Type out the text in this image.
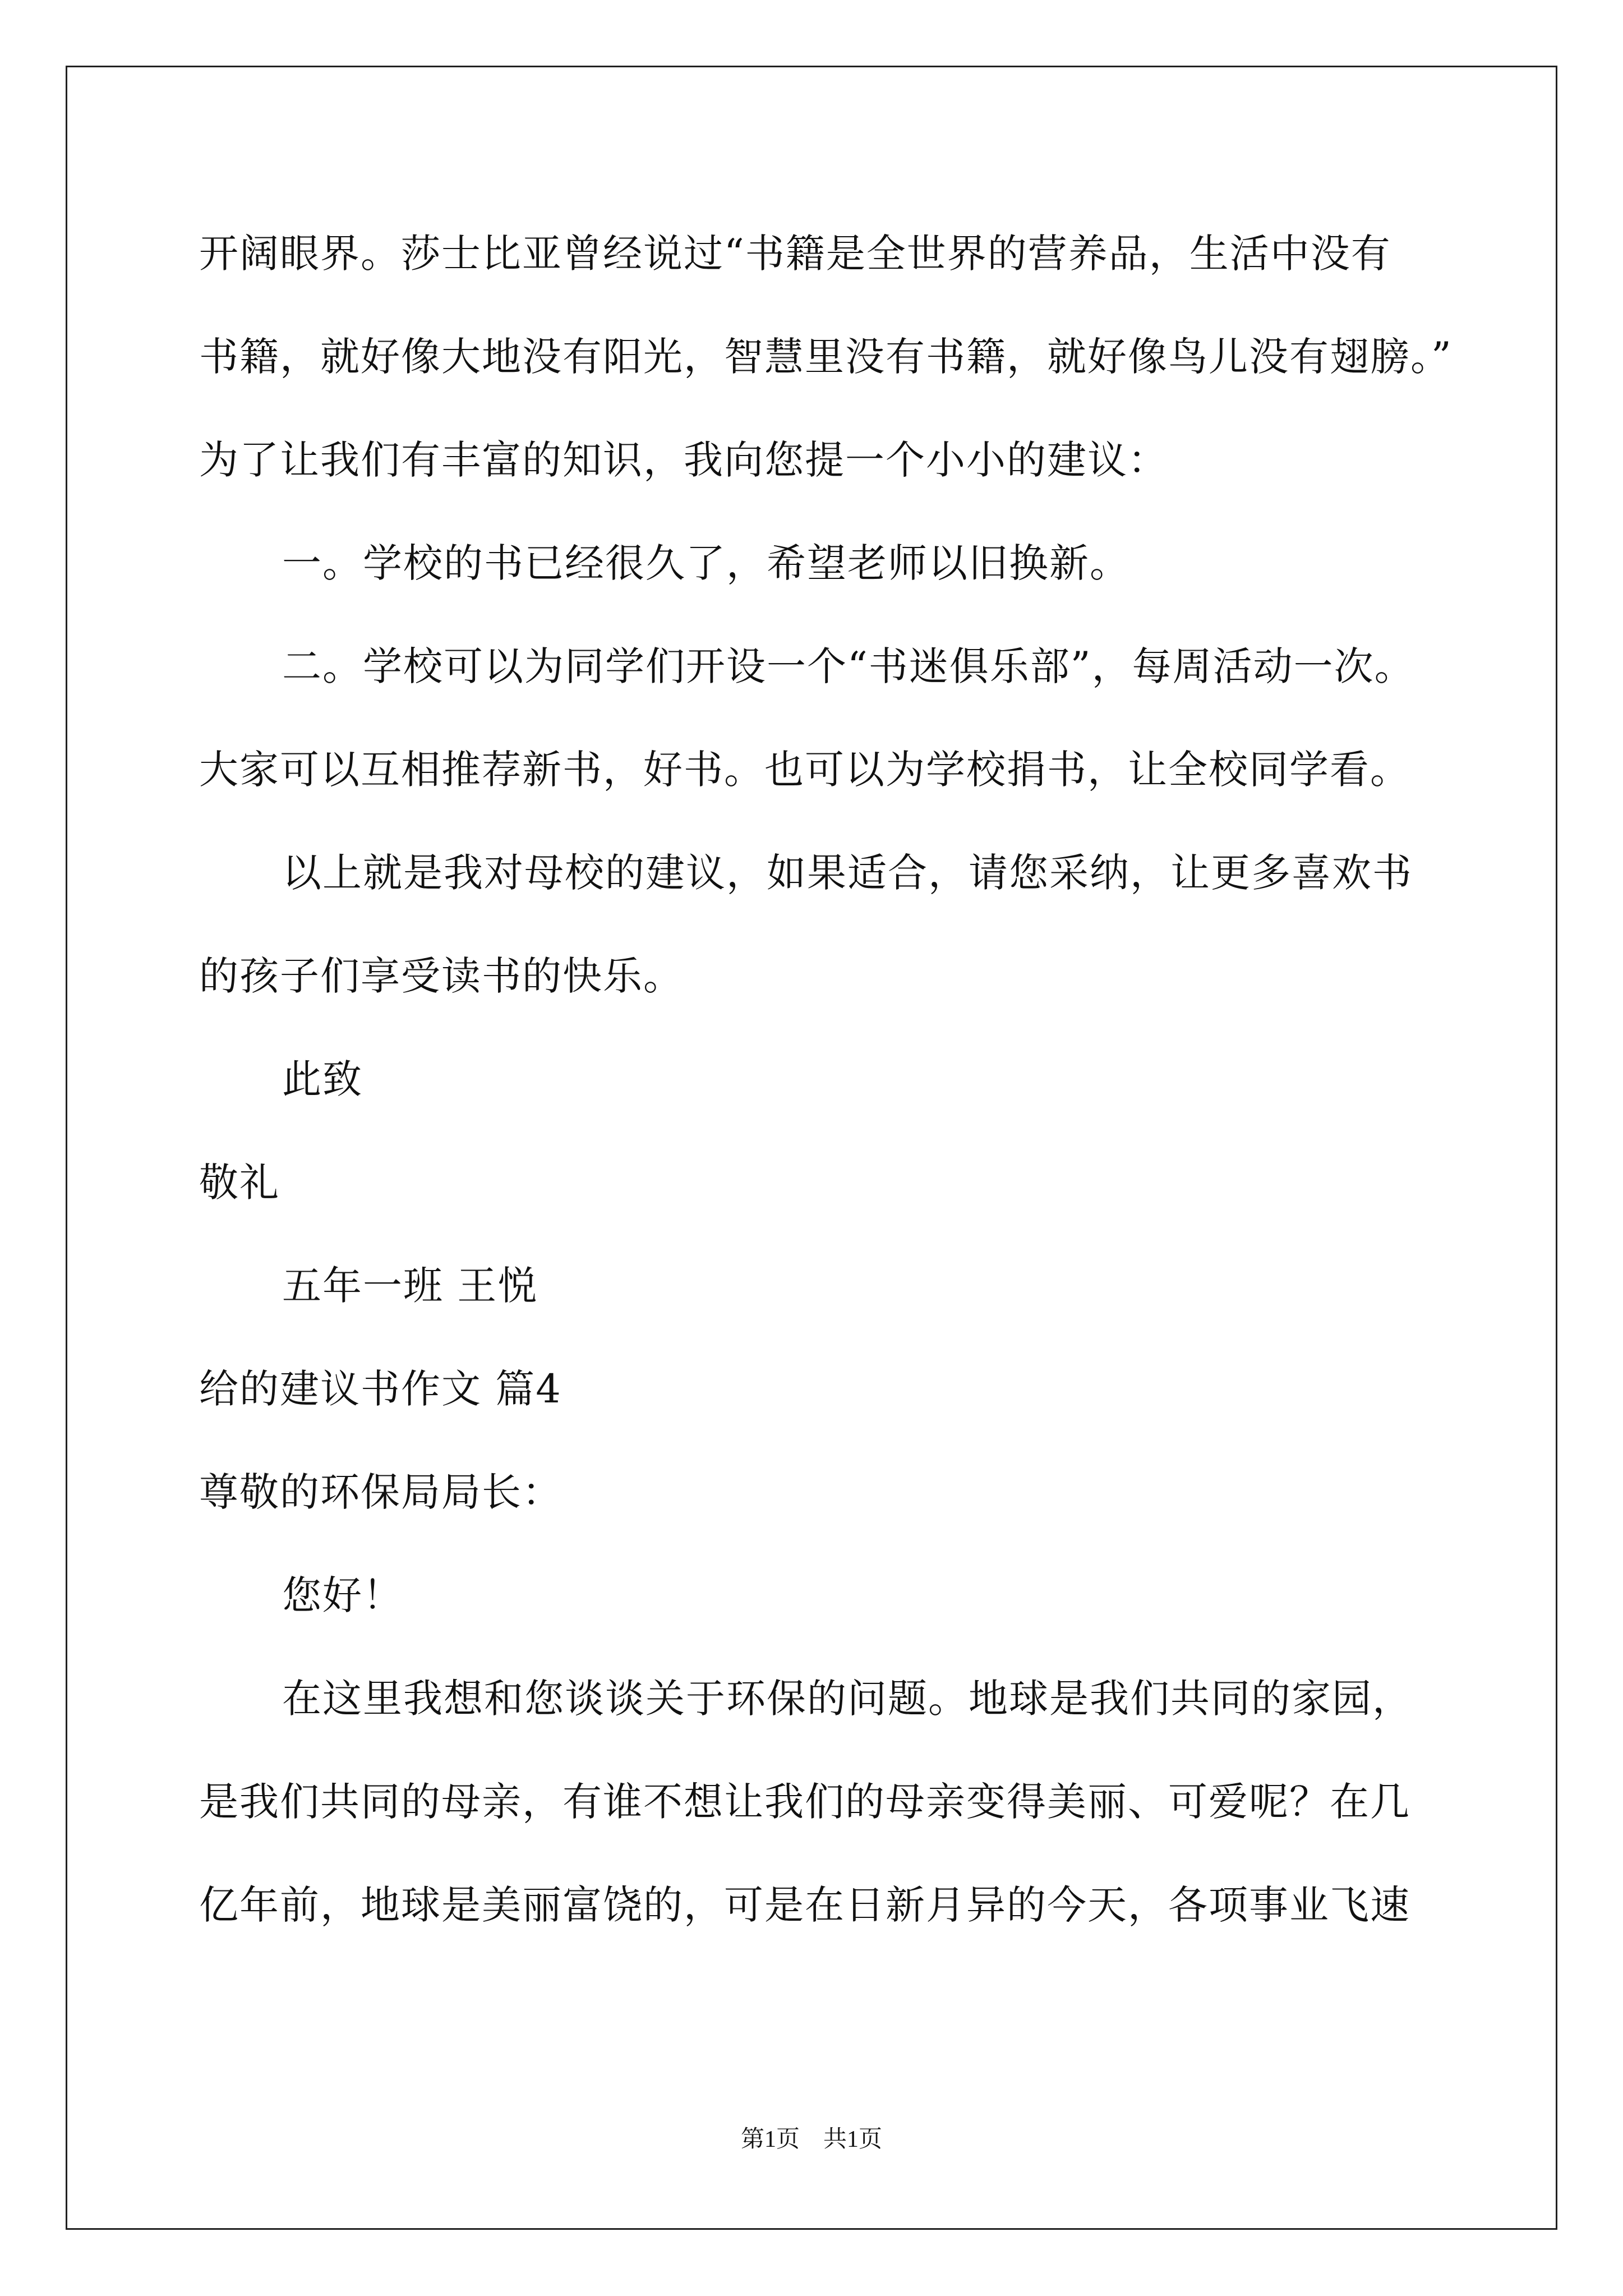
开阔眼界。莎士比亚曾经说过“书籍是全世界的营养品，生活中没有
书籍，就好像大地没有阳光，智慧里没有书籍，就好像鸟儿没有翅膀。”
为了让我们有丰富的知识，我向您提一个小小的建议：
一。学校的书已经很久了，希望老师以旧换新。
二。学校可以为同学们开设一个“书迷俱乐部”，每周活动一次。
大家可以互相推荐新书，好书。也可以为学校捐书，让全校同学看。
以上就是我对母校的建议，如果适合，请您采纳，让更多喜欢书
的孩子们享受读书的快乐。
此致
敬礼
五年一班 王悦
给的建议书作文 篇4
尊敬的环保局局长：
您好！
在这里我想和您谈谈关于环保的问题。地球是我们共同的家园，
是我们共同的母亲，有谁不想让我们的母亲变得美丽、可爱呢？在几
亿年前，地球是美丽富饶的，可是在日新月异的今天，各项事业飞速
第1页　共1页
